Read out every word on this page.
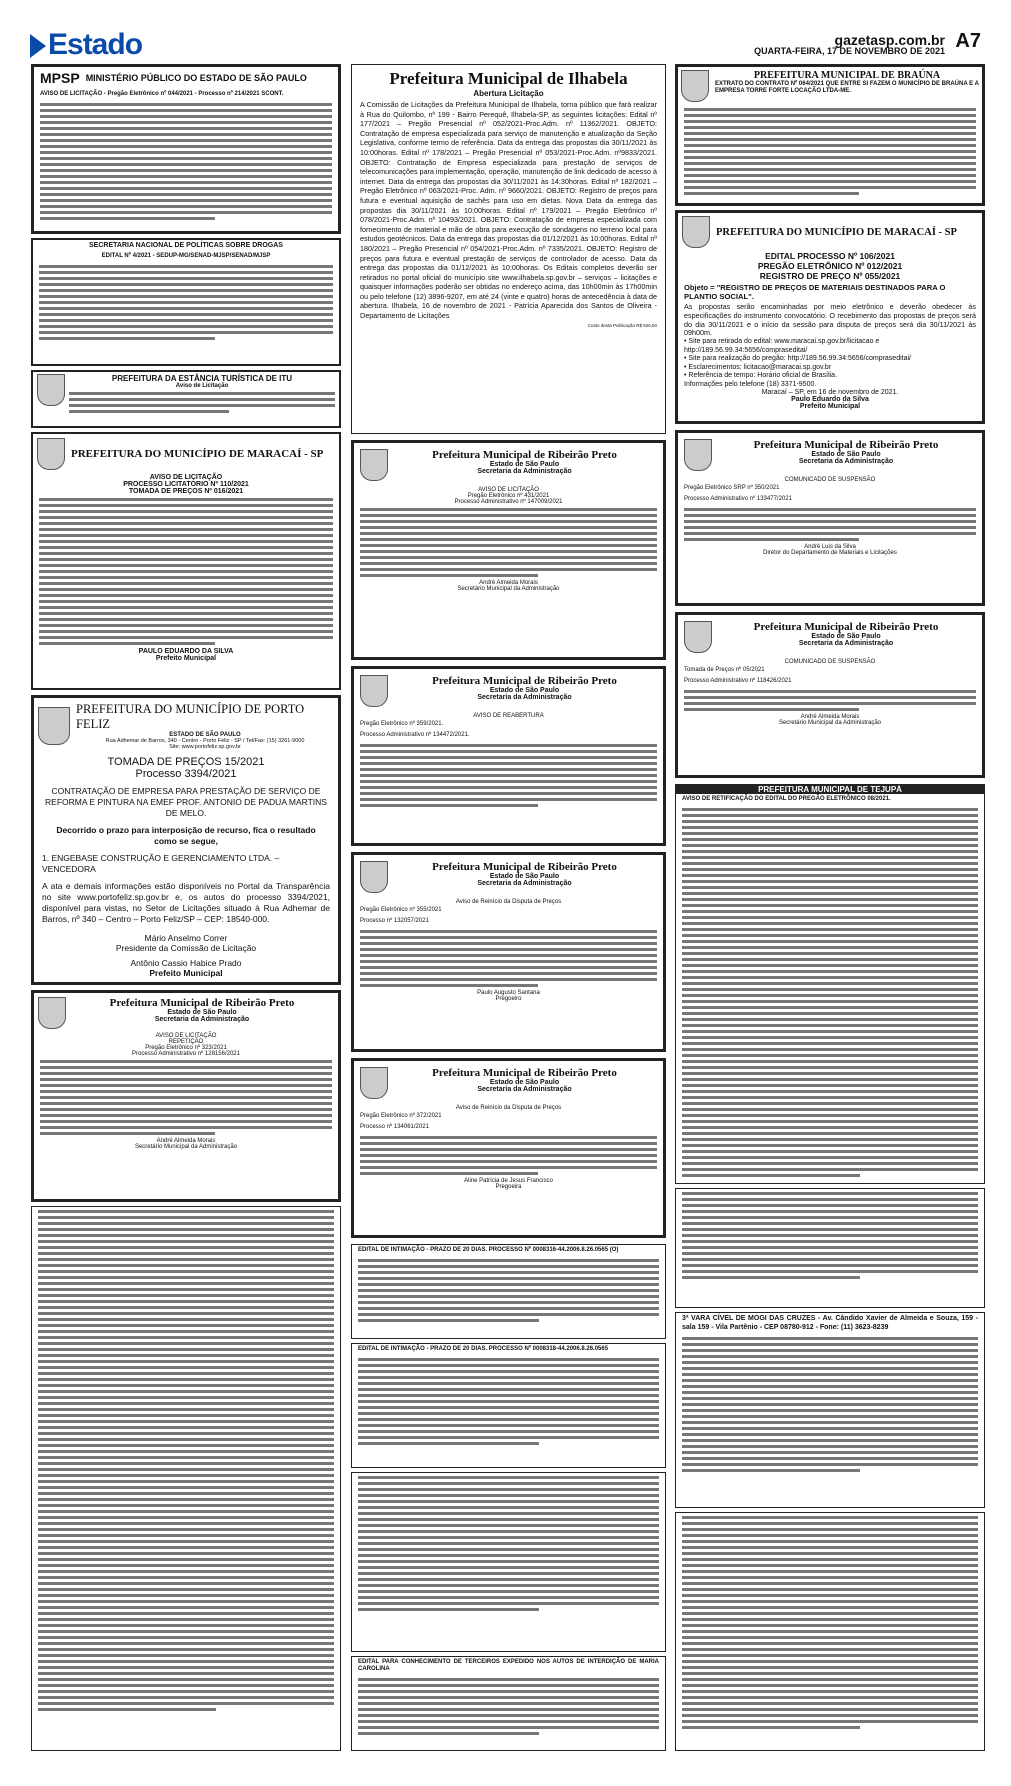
Estado	gazetasp.com.br
QUARTA-FEIRA, 17 DE NOVEMBRO DE 2021 A7
MPSP MINISTÉRIO PÚBLICO DO ESTADO DE SÃO PAULO
AVISO DE LICITAÇÃO - Pregão Eletrônico nº 044/2021 - Processo nº 214/2021 SCONT.
SECRETARIA NACIONAL DE POLÍTICAS SOBRE DROGAS
EDITAL Nº 4/2021 - SEDUP-MG/SENAD-MJSP/SENAD/MJSP
PREFEITURA DA ESTÂNCIA TURÍSTICA DE ITU
Aviso de Licitação
PREFEITURA DO MUNICÍPIO DE MARACAÍ - SP
AVISO DE LICITAÇÃO
PROCESSO LICITATÓRIO Nº 110/2021
TOMADA DE PREÇOS Nº 016/2021
PAULO EDUARDO DA SILVA
Prefeito Municipal
PREFEITURA DO MUNICÍPIO DE PORTO FELIZ
ESTADO DE SÃO PAULO
Rua Adhemar de Barros, 340 - Centro - Porto Feliz - SP / Tel/Fax: (15) 3261-9000
Site: www.portofeliz.sp.gov.br
TOMADA DE PREÇOS 15/2021
Processo 3394/2021
CONTRATAÇÃO DE EMPRESA PARA PRESTAÇÃO DE SERVIÇO DE REFORMA E PINTURA NA EMEF PROF. ANTONIO DE PADUA MARTINS DE MELO.
Decorrido o prazo para interposição de recurso, fica o resultado como se segue,
1. ENGEBASE CONSTRUÇÃO E GERENCIAMENTO LTDA. – VENCEDORA
A ata e demais informações estão disponíveis no Portal da Transparência no site www.portofeliz.sp.gov.br e, os autos do processo 3394/2021, disponível para vistas, no Setor de Licitações situado à Rua Adhemar de Barros, nº 340 – Centro – Porto Feliz/SP – CEP: 18540-000.
Mário Anselmo Correr
Presidente da Comissão de Licitação
Antônio Cassio Habice Prado
Prefeito Municipal
Prefeitura Municipal de Ribeirão Preto
Estado de São Paulo
Secretaria da Administração
AVISO DE LICITAÇÃO
REPETIÇÃO
Pregão Eletrônico nº 323/2021
Processo Administrativo nº 128156/2021
André Almeida Morais
Secretário Municipal da Administração
Prefeitura Municipal de Ilhabela
Abertura Licitação
A Comissão de Licitações da Prefeitura Municipal de Ilhabela, torna público que fará realizar à Rua do Quilombo, nº 199 - Bairro Perequê, Ilhabela-SP, as seguintes licitações: Edital nº 177/2021 – Pregão Presencial nº 052/2021-Proc.Adm. nº 11362/2021. OBJETO: Contratação de empresa especializada para serviço de manutenção e atualização da Seção Legislativa, conforme termo de referência. Data da entrega das propostas dia 30/11/2021 às 10:00horas. Edital nº 178/2021 – Pregão Presencial nº 053/2021-Proc.Adm. nº9833/2021. OBJETO: Contratação de Empresa especializada para prestação de serviços de telecomunicações para implementação, operação, manutenção de link dedicado de acesso à internet. Data da entrega das propostas dia 30/11/2021 às 14:30horas. Edital nº 182/2021 – Pregão Eletrônico nº 063/2021-Proc. Adm. nº 9660/2021. OBJETO: Registro de preços para futura e eventual aquisição de sachês para uso em dietas. Nova Data da entrega das propostas dia 30/11/2021 às 10:00horas. Edital nº 179/2021 – Pregão Eletrônico nº 078/2021-Proc.Adm. nº 10493/2021. OBJETO: Contratação de empresa especializada com fornecimento de material e mão de obra para execução de sondagens no terreno local para estudos geotécnicos. Data da entrega das propostas dia 01/12/2021 às 10:00horas. Edital nº 180/2021 – Pregão Presencial nº 054/2021-Proc.Adm. nº 7335/2021. OBJETO: Registro de preços para futura e eventual prestação de serviços de controlador de acesso. Data da entrega das propostas dia 01/12/2021 às 10:00horas. Os Editais completos deverão ser retirados no portal oficial do município site www.ilhabela.sp.gov.br – serviços – licitações e quaisquer informações poderão ser obtidas no endereço acima, das 10h00min às 17h00min ou pelo telefone (12) 3896-9207, em até 24 (vinte e quatro) horas de antecedência à data de abertura. Ilhabela, 16 de novembro de 2021 - Patrícia Aparecida dos Santos de Oliveira - Departamento de Licitações
Custo desta Publicação R$ 526,50
Prefeitura Municipal de Ribeirão Preto
Estado de São Paulo
Secretaria da Administração
AVISO DE LICITAÇÃO
Pregão Eletrônico nº 431/2021
Processo Administrativo nº 147009/2021
André Almeida Morais
Secretário Municipal da Administração
Prefeitura Municipal de Ribeirão Preto
Estado de São Paulo
Secretaria da Administração
AVISO DE REABERTURA
Pregão Eletrônico nº 359/2021.
Processo Administrativo nº 134472/2021.
Prefeitura Municipal de Ribeirão Preto
Estado de São Paulo
Secretaria da Administração
Aviso de Reinício da Disputa de Preços
Pregão Eletrônico nº 355/2021
Processo nº 132057/2021
Paulo Augusto Santana
Pregoeiro
Prefeitura Municipal de Ribeirão Preto
Estado de São Paulo
Secretaria da Administração
Aviso de Reinício da Disputa de Preços
Pregão Eletrônico nº 372/2021
Processo nº 134061/2021
Aline Patrícia de Jesus Francisco
Pregoeira
EDITAL DE INTIMAÇÃO - PRAZO DE 20 DIAS. PROCESSO Nº 0008316-44.2006.8.26.0565 (O)
EDITAL DE INTIMAÇÃO - PRAZO DE 20 DIAS. PROCESSO Nº 0008318-44.2006.8.26.0565
EDITAL PARA CONHECIMENTO DE TERCEIROS EXPEDIDO NOS AUTOS DE INTERDIÇÃO DE MARIA CAROLINA
PREFEITURA MUNICIPAL DE BRAÚNA
EXTRATO DO CONTRATO Nº 064/2021 QUE ENTRE SI FAZEM O MUNICÍPIO DE BRAÚNA E A EMPRESA TORRE FORTE LOCAÇÃO LTDA-ME.
PREFEITURA DO MUNICÍPIO DE MARACAÍ - SP
EDITAL PROCESSO Nº 106/2021
PREGÃO ELETRÔNICO Nº 012/2021
REGISTRO DE PREÇO Nº 055/2021
Objeto = "REGISTRO DE PREÇOS DE MATERIAIS DESTINADOS PARA O PLANTIO SOCIAL".
As propostas serão encaminhadas por meio eletrônico e deverão obedecer às especificações do instrumento convocatório. O recebimento das propostas de preços será do dia 30/11/2021 e o início da sessão para disputa de preços será dia 30/11/2021 às 09h00m.
• Site para retirada do edital: www.maracai.sp.gov.br/licitacao e http://189.56.99.34:5656/compraseditai/
• Site para realização do pregão: http://189.56.99.34:5656/compraseditai/
• Esclarecimentos: licitacao@maracai.sp.gov.br
• Referência de tempo: Horário oficial de Brasília.
Informações pelo telefone (18) 3371-9500.
Maracaí – SP, em 16 de novembro de 2021.
Paulo Eduardo da Silva
Prefeito Municipal
Prefeitura Municipal de Ribeirão Preto
Estado de São Paulo
Secretaria da Administração
COMUNICADO DE SUSPENSÃO
Pregão Eletrônico SRP nº 350/2021
Processo Administrativo nº 133477/2021
André Luis da Silva
Diretor do Departamento de Materiais e Licitações
Prefeitura Municipal de Ribeirão Preto
Estado de São Paulo
Secretaria da Administração
COMUNICADO DE SUSPENSÃO
Tomada de Preços nº 05/2021
Processo Administrativo nº 118426/2021
André Almeida Morais
Secretário Municipal da Administração
PREFEITURA MUNICIPAL DE TEJUPÁ
AVISO DE RETIFICAÇÃO DO EDITAL DO PREGÃO ELETRÔNICO 08/2021.
3ª VARA CÍVEL DE MOGI DAS CRUZES - Av. Cândido Xavier de Almeida e Souza, 159 - sala 159 - Vila Partênio - CEP 08780-912 - Fone: (11) 3623-8239
